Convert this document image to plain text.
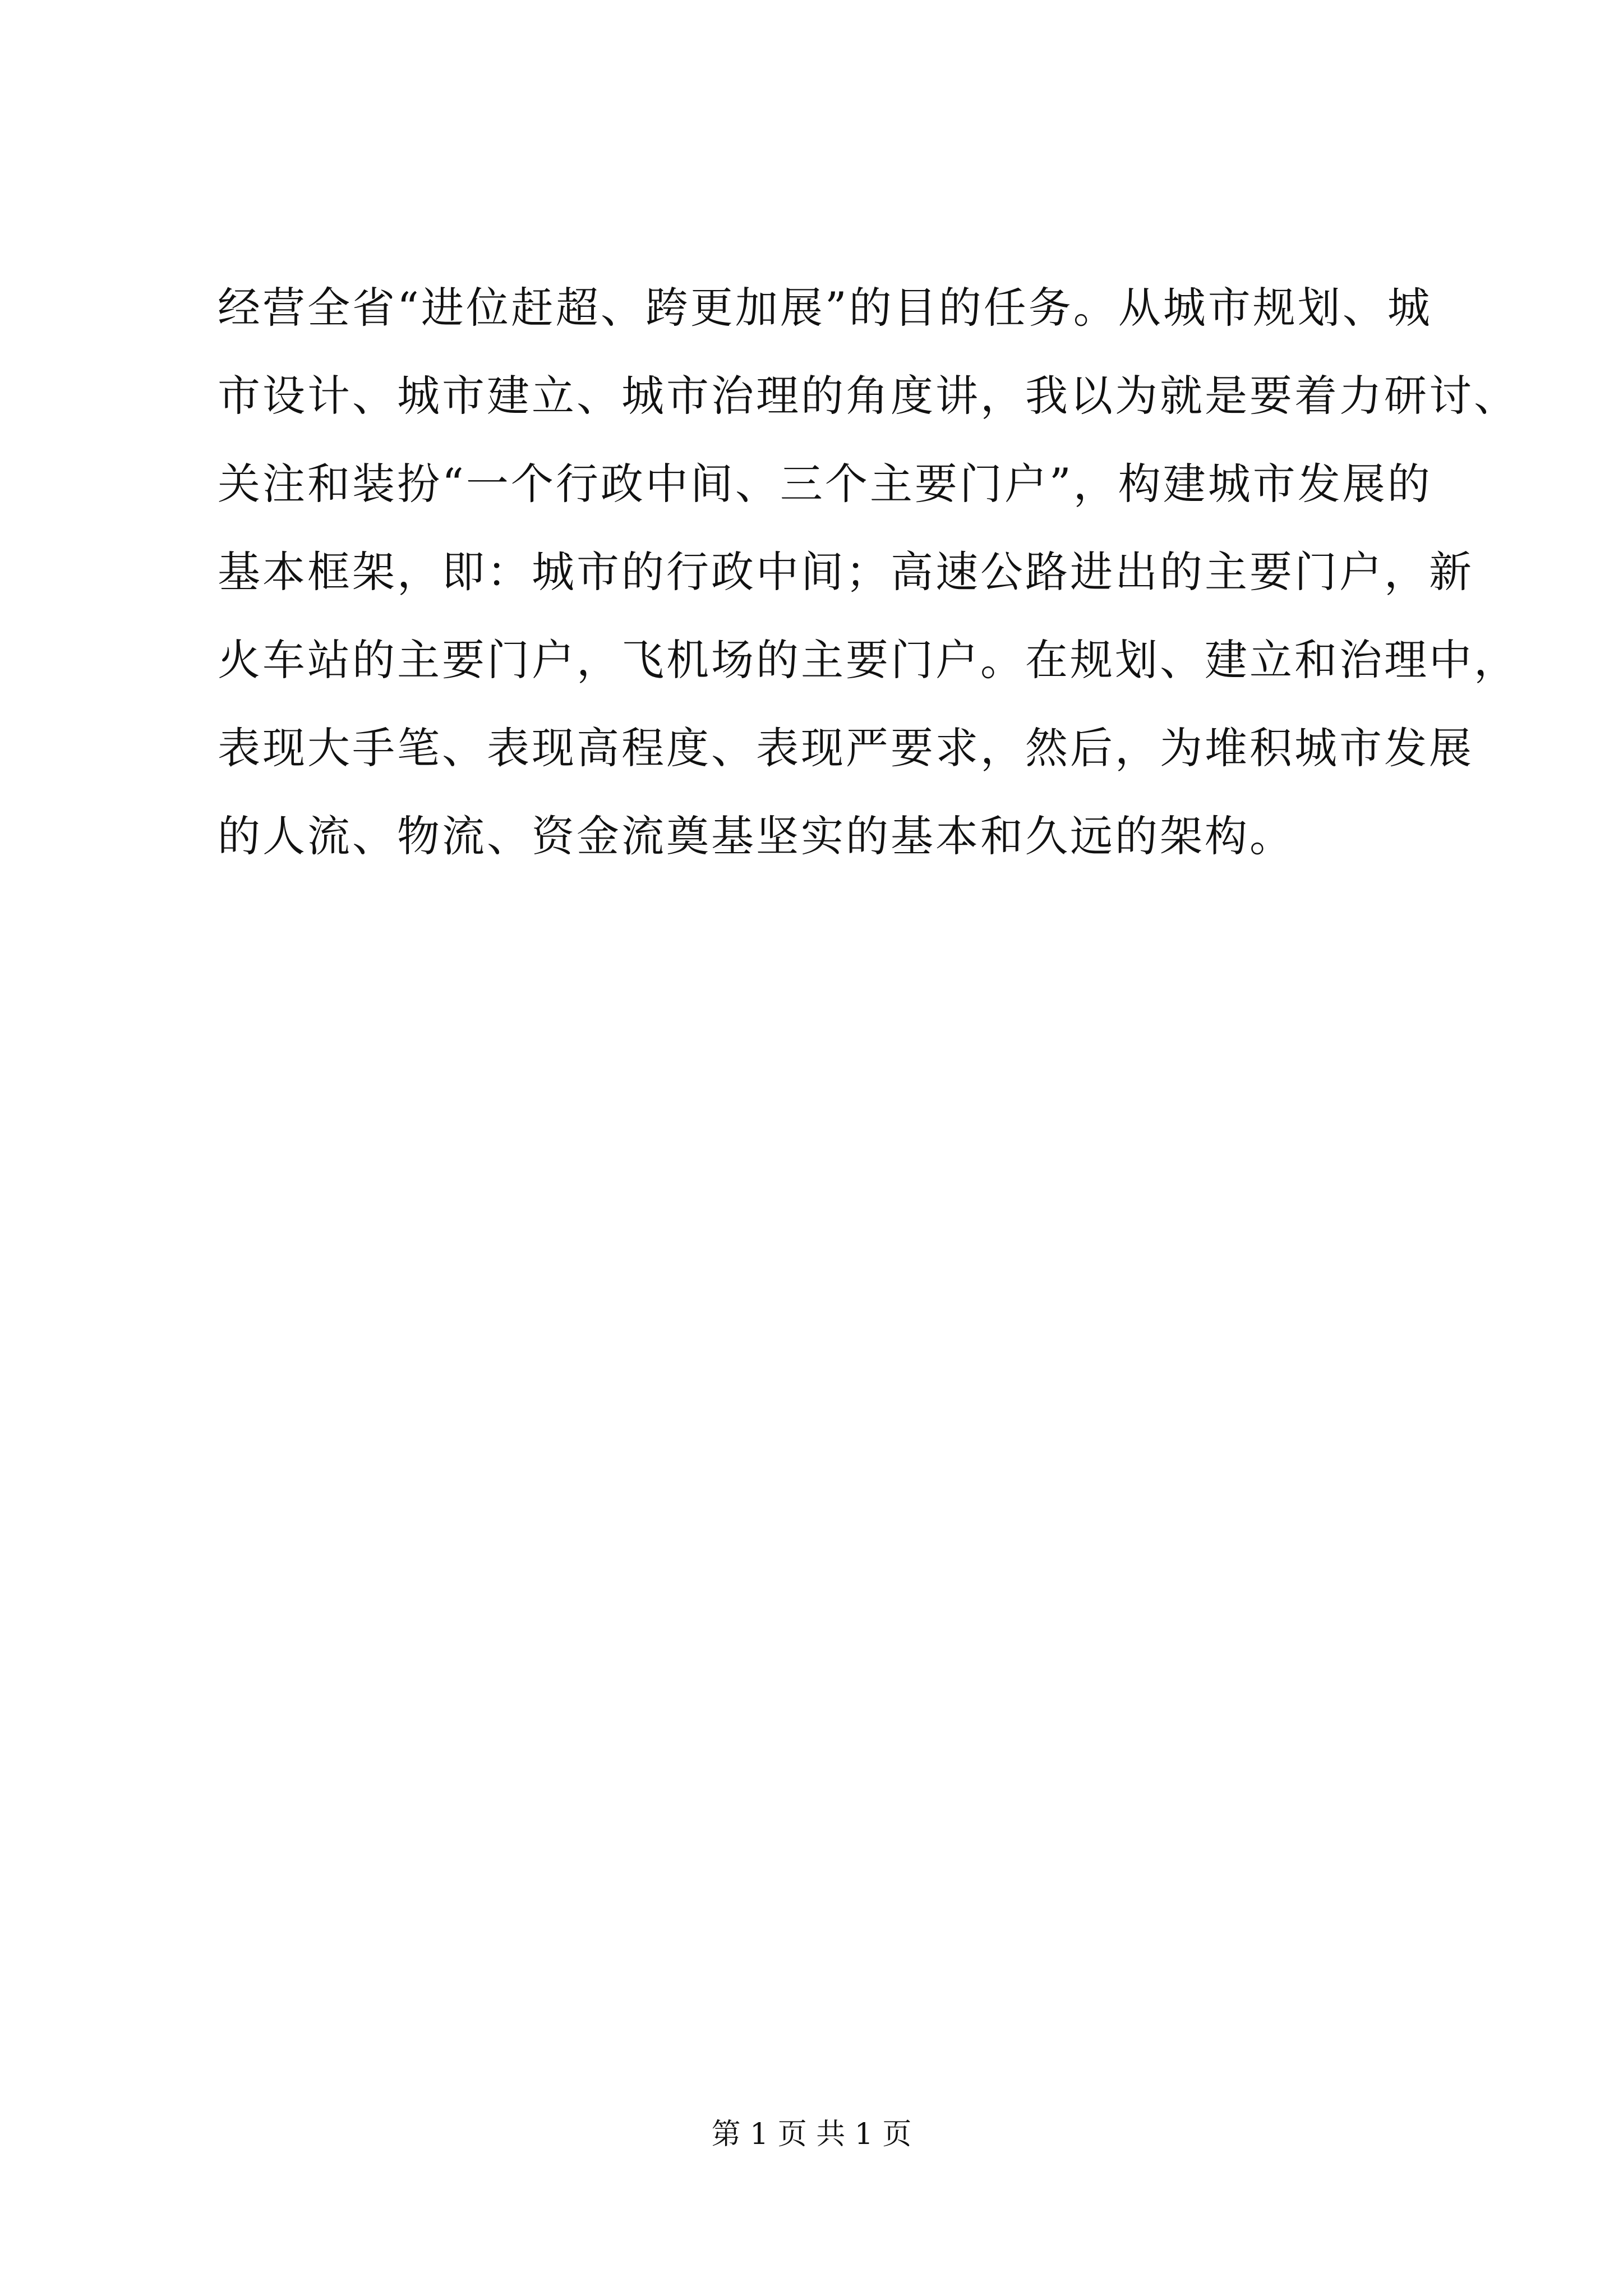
经营全省“进位赶超、跨更加展”的目的任务。从城市规划、城
市设计、城市建立、城市治理的角度讲，我以为就是要着力研讨、
关注和装扮“一个行政中间、三个主要门户”，构建城市发展的
基本框架，即：城市的行政中间；高速公路进出的主要门户，新
火车站的主要门户，飞机场的主要门户。在规划、建立和治理中，
表现大手笔、表现高程度、表现严要求，然后，为堆积城市发展
的人流、物流、资金流奠基坚实的基本和久远的架构。
第 1 页 共 1 页
